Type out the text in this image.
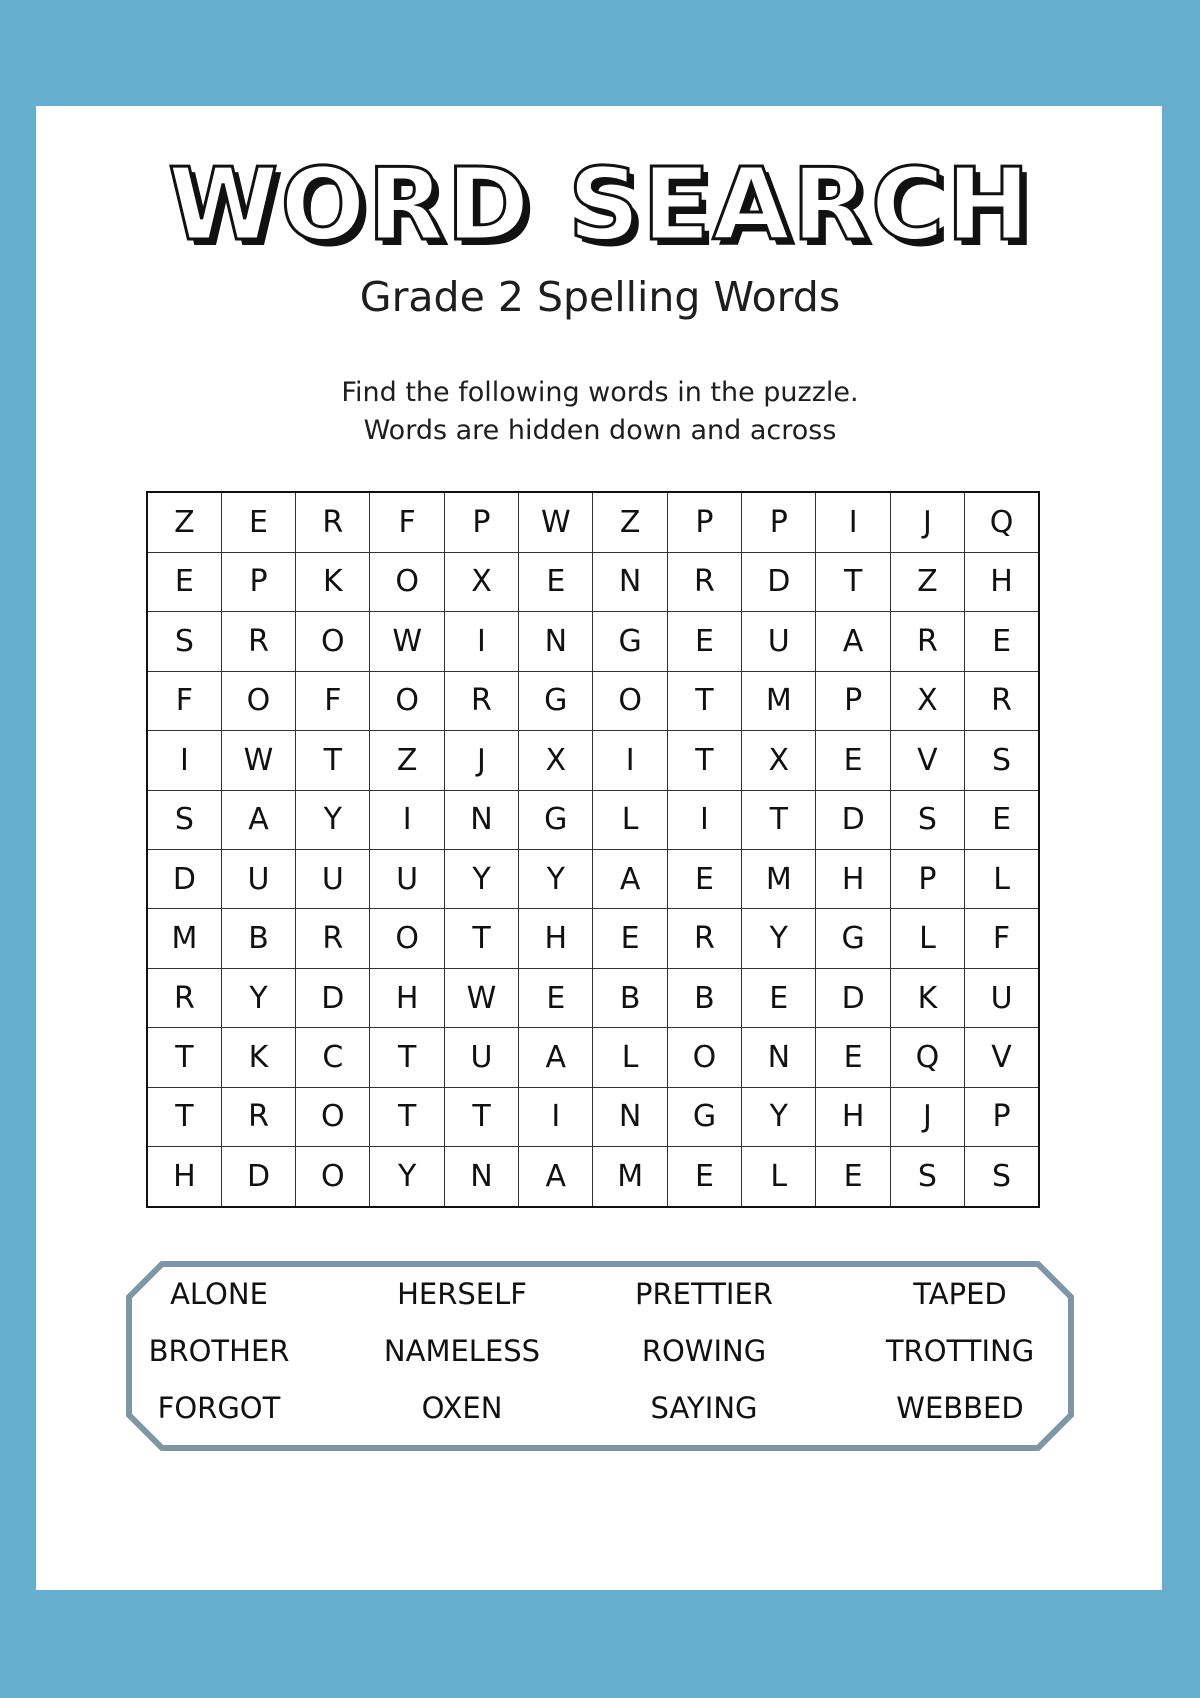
WORD SEARCH
Grade 2 Spelling Words
Find the following words in the puzzle.
Words are hidden down and across
Z	E	R	F	P	W	Z	P	P	I	J	Q
E	P	K	O	X	E	N	R	D	T	Z	H
S	R	O	W	I	N	G	E	U	A	R	E
F	O	F	O	R	G	O	T	M	P	X	R
I	W	T	Z	J	X	I	T	X	E	V	S
S	A	Y	I	N	G	L	I	T	D	S	E
D	U	U	U	Y	Y	A	E	M	H	P	L
M	B	R	O	T	H	E	R	Y	G	L	F
R	Y	D	H	W	E	B	B	E	D	K	U
T	K	C	T	U	A	L	O	N	E	Q	V
T	R	O	T	T	I	N	G	Y	H	J	P
H	D	O	Y	N	A	M	E	L	E	S	S
ALONE
BROTHER
FORGOT
HERSELF
NAMELESS
OXEN
PRETTIER
ROWING
SAYING
TAPED
TROTTING
WEBBED
